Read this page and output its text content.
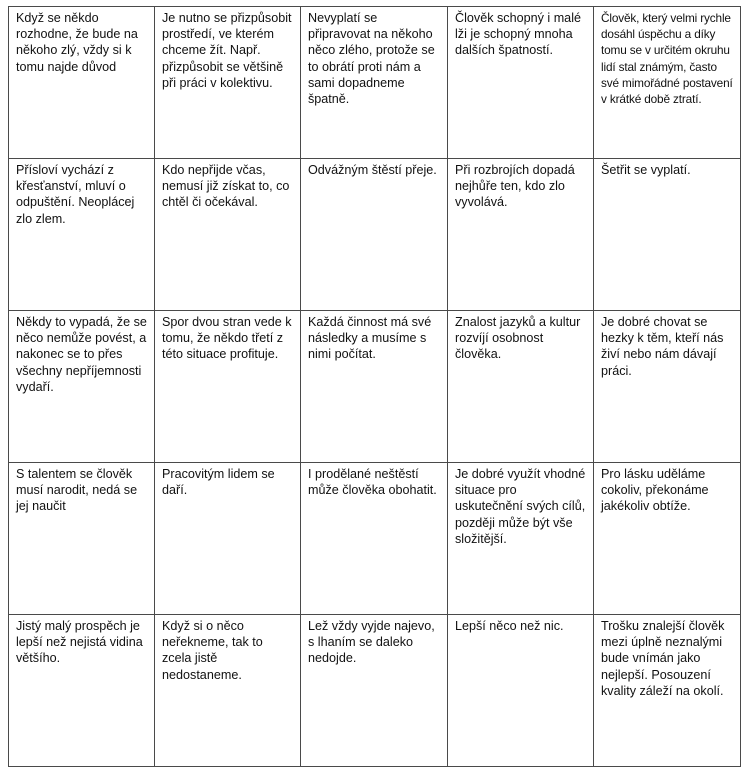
Když se někdo rozhodne, že bude na někoho zlý, vždy si k tomu najde důvod	Je nutno se přizpůsobit prostředí, ve kterém chceme žít. Např. přizpůsobit se většině při práci v kolektivu.	Nevyplatí se připravovat na někoho něco zlého, protože se to obrátí proti nám a sami dopadneme špatně.	Člověk schopný i malé lži je schopný mnoha dalších špatností.	Člověk, který velmi rychle dosáhl úspěchu a díky tomu se v určitém okruhu lidí stal známým, často své mimořádné postavení v krátké době ztratí.
Přísloví vychází z křesťanství, mluví o odpuštění. Neoplácej zlo zlem.	Kdo nepřijde včas, nemusí již získat to, co chtěl či očekával.	Odvážným štěstí přeje.	Při rozbrojích dopadá nejhůře ten, kdo zlo vyvolává.	Šetřit se vyplatí.
Někdy to vypadá, že se něco nemůže povést, a nakonec se to přes všechny nepříjemnosti vydaří.	Spor dvou stran vede k tomu, že někdo třetí z této situace profituje.	Každá činnost má své následky a musíme s nimi počítat.	Znalost jazyků a kultur rozvíjí osobnost člověka.	Je dobré chovat se hezky k těm, kteří nás živí nebo nám dávají práci.
S talentem se člověk musí narodit, nedá se jej naučit	Pracovitým lidem se daří.	I prodělané neštěstí může člověka obohatit.	Je dobré využít vhodné situace pro uskutečnění svých cílů, později může být vše složitější.	Pro lásku uděláme cokoliv, překonáme jakékoliv obtíže.
Jistý malý prospěch je lepší než nejistá vidina většího.	Když si o něco neřekneme, tak to zcela jistě nedostaneme.	Lež vždy vyjde najevo, s lhaním se daleko nedojde.	Lepší něco než nic.	Trošku znalejší člověk mezi úplně neznalými bude vnímán jako nejlepší. Posouzení kvality záleží na okolí.
